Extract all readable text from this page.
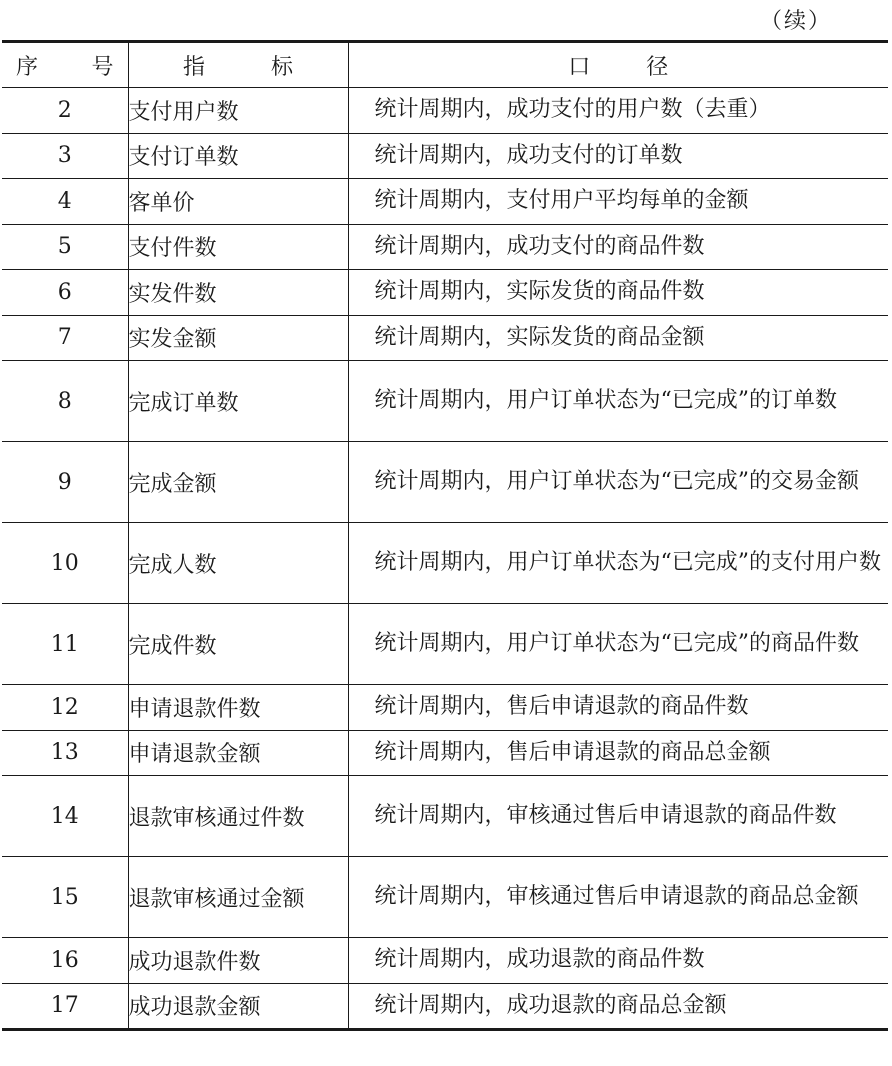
（续）
序 号	指 标	口 径

2	支付用户数	统计周期内，成功支付的用户数（去重）

3	支付订单数	统计周期内，成功支付的订单数

4	客单价	统计周期内，支付用户平均每单的金额

5	支付件数	统计周期内，成功支付的商品件数

6	实发件数	统计周期内，实际发货的商品件数

7	实发金额	统计周期内，实际发货的商品金额

8	完成订单数	统计周期内，用户订单状态为“已完成”的订单数

9	完成金额	统计周期内，用户订单状态为“已完成”的交易金额

10	完成人数	统计周期内，用户订单状态为“已完成”的支付用户数

11	完成件数	统计周期内，用户订单状态为“已完成”的商品件数

12	申请退款件数	统计周期内，售后申请退款的商品件数

13	申请退款金额	统计周期内，售后申请退款的商品总金额

14	退款审核通过件数	统计周期内，审核通过售后申请退款的商品件数

15	退款审核通过金额	统计周期内，审核通过售后申请退款的商品总金额

16	成功退款件数	统计周期内，成功退款的商品件数

17	成功退款金额	统计周期内，成功退款的商品总金额
